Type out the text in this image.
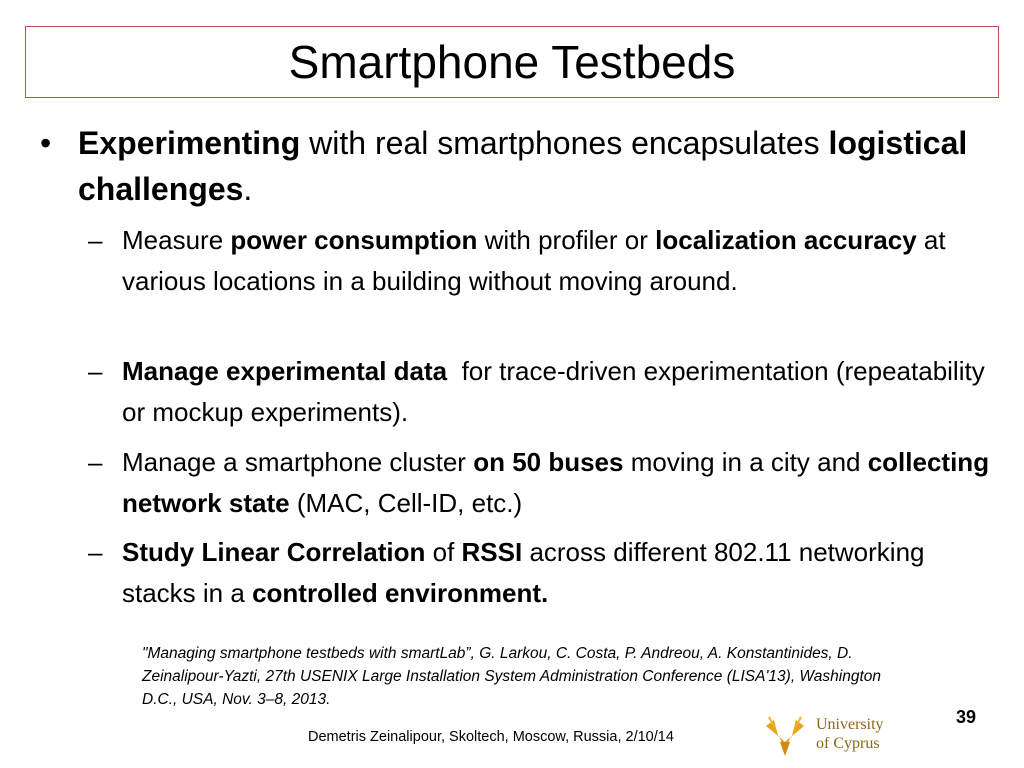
Smartphone Testbeds
• Experimenting with real smartphones encapsulates logistical challenges.
– Measure power consumption with profiler or localization accuracy at various locations in a building without moving around.
– Manage experimental data  for trace-driven experimentation (repeatability or mockup experiments).
– Manage a smartphone cluster on 50 buses moving in a city and collecting network state (MAC, Cell-ID, etc.)
– Study Linear Correlation of RSSI across different 802.11 networking stacks in a controlled environment.
"Managing smartphone testbeds with smartLab”, G. Larkou, C. Costa, P. Andreou, A. Konstantinides, D. Zeinalipour-Yazti, 27th USENIX Large Installation System Administration Conference (LISA'13), Washington D.C., USA, Nov. 3–8, 2013.
39
University
of Cyprus
Demetris Zeinalipour, Skoltech, Moscow, Russia, 2/10/14
